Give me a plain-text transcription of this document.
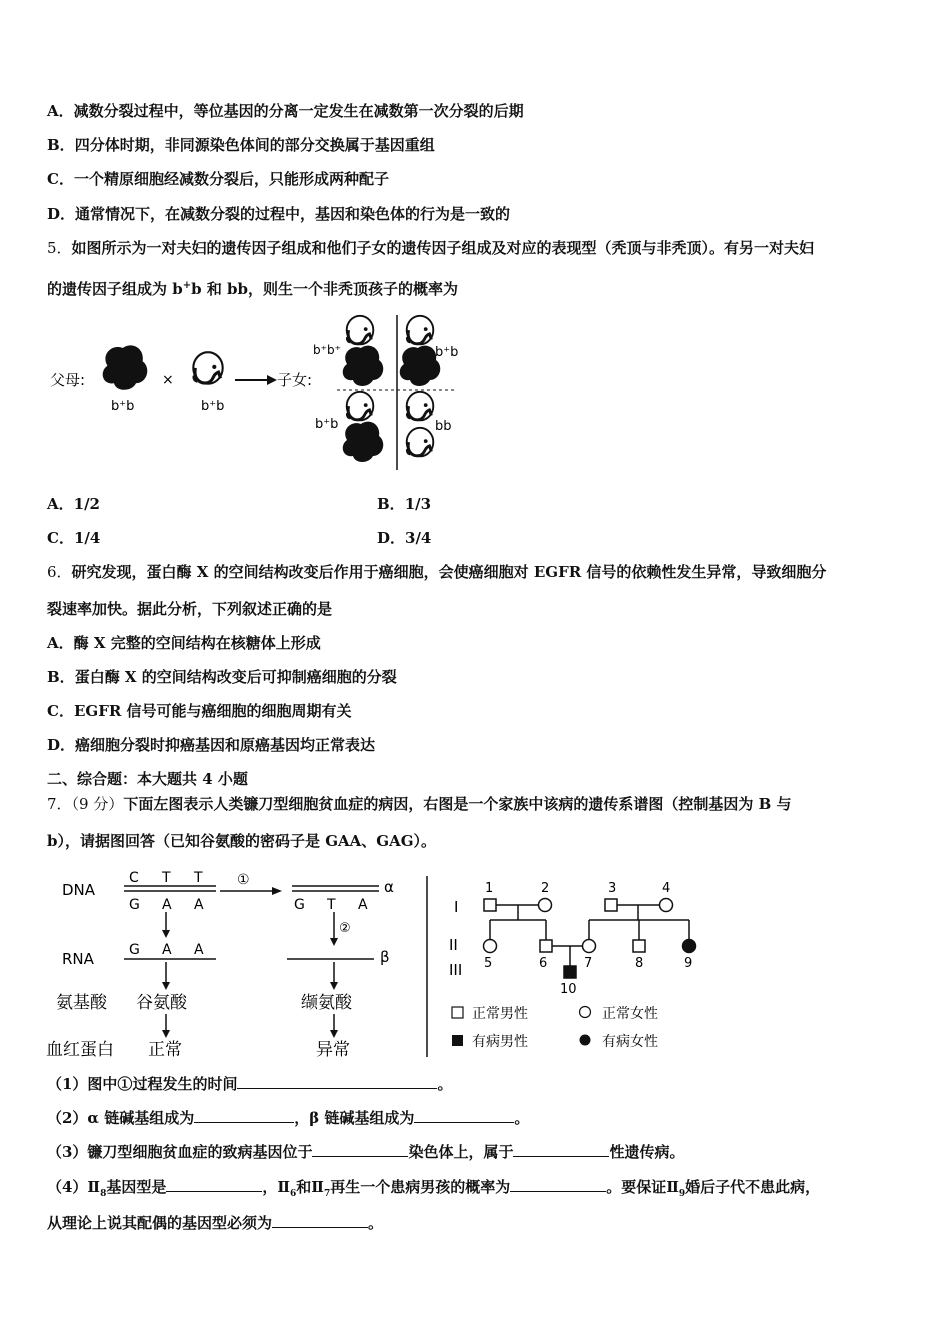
A．减数分裂过程中，等位基因的分离一定发生在减数第一次分裂的后期
B．四分体时期，非同源染色体间的部分交换属于基因重组
C．一个精原细胞经减数分裂后，只能形成两种配子
D．通常情况下，在减数分裂的过程中，基因和染色体的行为是一致的
5．如图所示为一对夫妇的遗传因子组成和他们子女的遗传因子组成及对应的表现型（秃顶与非秃顶）。有另一对夫妇
的遗传因子组成为 b+b 和 bb，则生一个非秃顶孩子的概率为
父母:
b⁺b
×
b⁺b
子女:
b⁺b⁺	b⁺b
b⁺b	bb
A．1/2	B．1/3
C．1/4	D．3/4
6．研究发现，蛋白酶 X 的空间结构改变后作用于癌细胞，会使癌细胞对 EGFR 信号的依赖性发生异常，导致细胞分
裂速率加快。据此分析，下列叙述正确的是
A．酶 X 完整的空间结构在核糖体上形成
B．蛋白酶 X 的空间结构改变后可抑制癌细胞的分裂
C．EGFR 信号可能与癌细胞的细胞周期有关
D．癌细胞分裂时抑癌基因和原癌基因均正常表达
二、综合题：本大题共 4 小题
7．（9 分）下面左图表示人类镰刀型细胞贫血症的病因，右图是一个家族中该病的遗传系谱图（控制基因为 B 与
b），请据图回答（已知谷氨酸的密码子是 GAA、GAG）。
DNA
C T T
G A A
①	α
G T A
②
RNA	G A A	β
氨基酸 谷氨酸	缬氨酸
血红蛋白 正常	异常
I
II
III
1	2	3	4
5	6	7	8	9
10
正常男性	正常女性
有病男性	有病女性
（1）图中①过程发生的时间	。
（2）α 链碱基组成为	，β 链碱基组成为	。
（3）镰刀型细胞贫血症的致病基因位于	染色体上，属于	性遗传病。
$(4)Ⅱ_8$基因型是	，$Ⅱ_6$和$Ⅱ_7$再生一个患病男孩的概率为	。要保证$Ⅱ_9$婚后子代不患此病，
从理论上说其配偶的基因型必须为	。
